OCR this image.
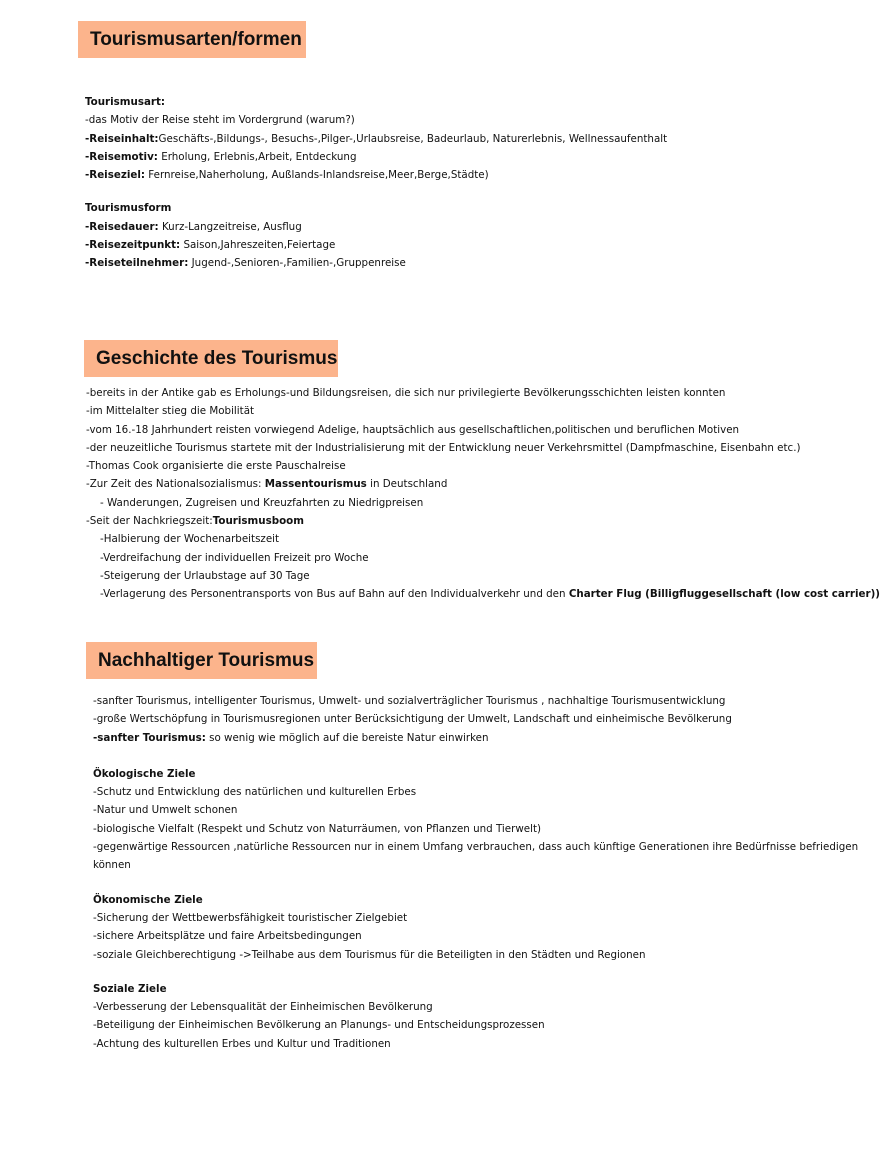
Tourismusarten/formen
Tourismusart:
-das Motiv der Reise steht im Vordergrund (warum?)
-Reiseinhalt:Geschäfts-,Bildungs-, Besuchs-,Pilger-,Urlaubsreise, Badeurlaub, Naturerlebnis, Wellnessaufenthalt
-Reisemotiv: Erholung, Erlebnis,Arbeit, Entdeckung
-Reiseziel: Fernreise,Naherholung, Außlands-Inlandsreise,Meer,Berge,Städte)
Tourismusform
-Reisedauer: Kurz-Langzeitreise, Ausflug
-Reisezeitpunkt: Saison,Jahreszeiten,Feiertage
-Reiseteilnehmer: Jugend-,Senioren-,Familien-,Gruppenreise
Geschichte des Tourismus
-bereits in der Antike gab es Erholungs-und Bildungsreisen, die sich nur privilegierte Bevölkerungsschichten leisten konnten
-im Mittelalter stieg die Mobilität
-vom 16.-18 Jahrhundert reisten vorwiegend Adelige, hauptsächlich aus gesellschaftlichen,politischen und beruflichen Motiven
-der neuzeitliche Tourismus startete mit der Industrialisierung mit der Entwicklung neuer Verkehrsmittel (Dampfmaschine, Eisenbahn etc.)
-Thomas Cook organisierte die erste Pauschalreise
-Zur Zeit des Nationalsozialismus: Massentourismus in Deutschland
- Wanderungen, Zugreisen und Kreuzfahrten zu Niedrigpreisen
-Seit der Nachkriegszeit:Tourismusboom
-Halbierung der Wochenarbeitszeit
-Verdreifachung der individuellen Freizeit pro Woche
-Steigerung der Urlaubstage auf 30 Tage
-Verlagerung des Personentransports von Bus auf Bahn auf den Individualverkehr und den Charter Flug (Billigfluggesellschaft (low cost carrier))
Nachhaltiger Tourismus
-sanfter Tourismus, intelligenter Tourismus, Umwelt- und sozialverträglicher Tourismus , nachhaltige Tourismusentwicklung
-große Wertschöpfung in Tourismusregionen unter Berücksichtigung der Umwelt, Landschaft und einheimische Bevölkerung
-sanfter Tourismus: so wenig wie möglich auf die bereiste Natur einwirken
Ökologische Ziele
-Schutz und Entwicklung des natürlichen und kulturellen Erbes
-Natur und Umwelt schonen
-biologische Vielfalt (Respekt und Schutz von Naturräumen, von Pflanzen und Tierwelt)
-gegenwärtige Ressourcen ,natürliche Ressourcen nur in einem Umfang verbrauchen, dass auch künftige Generationen ihre Bedürfnisse befriedigen
können
Ökonomische Ziele
-Sicherung der Wettbewerbsfähigkeit touristischer Zielgebiet
-sichere Arbeitsplätze und faire Arbeitsbedingungen
-soziale Gleichberechtigung ->Teilhabe aus dem Tourismus für die Beteiligten in den Städten und Regionen
Soziale Ziele
-Verbesserung der Lebensqualität der Einheimischen Bevölkerung
-Beteiligung der Einheimischen Bevölkerung an Planungs- und Entscheidungsprozessen
-Achtung des kulturellen Erbes und Kultur und Traditionen
